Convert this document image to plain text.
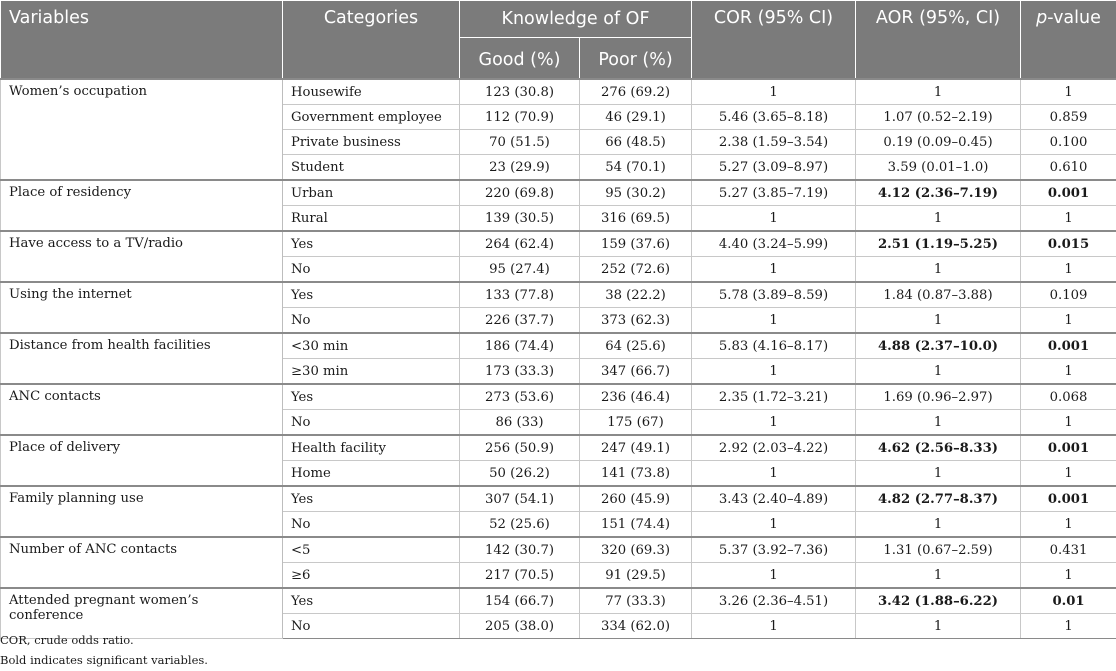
Variables	Categories	Knowledge of OF		COR (95% CI)	AOR (95%, CI)	p-value
		Good (%)	Poor (%)			
Women’s occupation	Housewife	123 (30.8)	276 (69.2)	1	1	1
	Government employee	112 (70.9)	46 (29.1)	5.46 (3.65–8.18)	1.07 (0.52–2.19)	0.859
	Private business	70 (51.5)	66 (48.5)	2.38 (1.59–3.54)	0.19 (0.09–0.45)	0.100
	Student	23 (29.9)	54 (70.1)	5.27 (3.09–8.97)	3.59 (0.01–1.0)	0.610
Place of residency	Urban	220 (69.8)	95 (30.2)	5.27 (3.85–7.19)	4.12 (2.36–7.19)	0.001
	Rural	139 (30.5)	316 (69.5)	1	1	1
Have access to a TV/radio	Yes	264 (62.4)	159 (37.6)	4.40 (3.24–5.99)	2.51 (1.19–5.25)	0.015
	No	95 (27.4)	252 (72.6)	1	1	1
Using the internet	Yes	133 (77.8)	38 (22.2)	5.78 (3.89–8.59)	1.84 (0.87–3.88)	0.109
	No	226 (37.7)	373 (62.3)	1	1	1
Distance from health facilities	<30 min	186 (74.4)	64 (25.6)	5.83 (4.16–8.17)	4.88 (2.37–10.0)	0.001
	≥30 min	173 (33.3)	347 (66.7)	1	1	1
ANC contacts	Yes	273 (53.6)	236 (46.4)	2.35 (1.72–3.21)	1.69 (0.96–2.97)	0.068
	No	86 (33)	175 (67)	1	1	1
Place of delivery	Health facility	256 (50.9)	247 (49.1)	2.92 (2.03–4.22)	4.62 (2.56–8.33)	0.001
	Home	50 (26.2)	141 (73.8)	1	1	1
Family planning use	Yes	307 (54.1)	260 (45.9)	3.43 (2.40–4.89)	4.82 (2.77–8.37)	0.001
	No	52 (25.6)	151 (74.4)	1	1	1
Number of ANC contacts	<5	142 (30.7)	320 (69.3)	5.37 (3.92–7.36)	1.31 (0.67–2.59)	0.431
	≥6	217 (70.5)	91 (29.5)	1	1	1
Attended pregnant women’s conference	Yes	154 (66.7)	77 (33.3)	3.26 (2.36–4.51)	3.42 (1.88–6.22)	0.01
	No	205 (38.0)	334 (62.0)	1	1	1
COR, crude odds ratio.
Bold indicates significant variables.
